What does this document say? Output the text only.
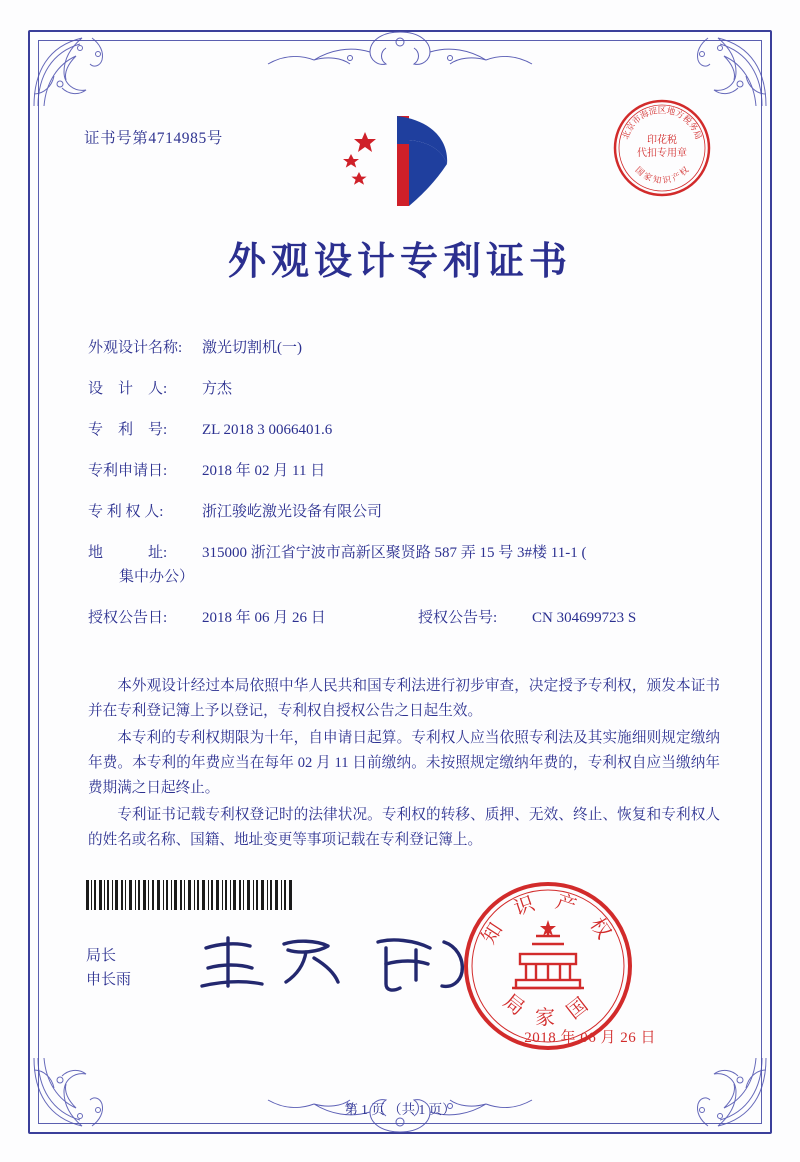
证书号第4714985号	北京市海淀区地方税务局
国 家 知 识 产 权
印花税
代扣专用章
外观设计专利证书
外观设计名称:	激光切割机(一)
设　计　人:	方杰
专　利　号:	ZL 2018 3 0066401.6
专利申请日:	2018 年 02 月 11 日
专 利 权 人:	浙江骏屹激光设备有限公司
地　　　址:	315000 浙江省宁波市高新区聚贤路 587 弄 15 号 3#楼 11-1 (
集中办公）
授权公告日:	2018 年 06 月 26 日	授权公告号:	CN 304699723 S

本外观设计经过本局依照中华人民共和国专利法进行初步审查，决定授予专利权，颁发本证书并在专利登记簿上予以登记，专利权自授权公告之日起生效。

本专利的专利权期限为十年，自申请日起算。专利权人应当依照专利法及其实施细则规定缴纳年费。本专利的年费应当在每年 02 月 11 日前缴纳。未按照规定缴纳年费的，专利权自应当缴纳年费期满之日起终止。

专利证书记载专利权登记时的法律状况。专利权的转移、质押、无效、终止、恢复和专利权人的姓名或名称、国籍、地址变更等事项记载在专利登记簿上。

局长
申长雨
知 识 产 权
局 家 国
2018 年 06 月 26 日
第 1 页 （共 1 页）
